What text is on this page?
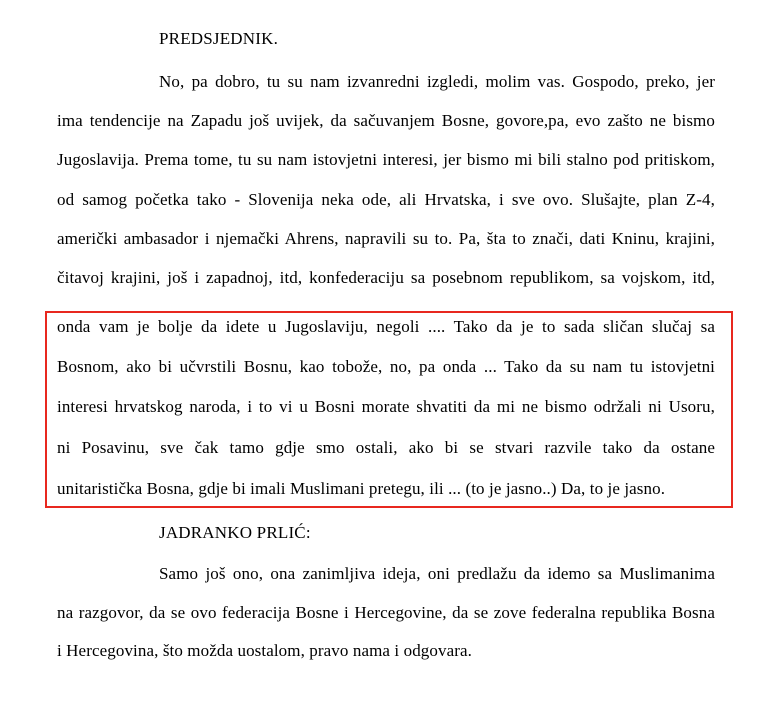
PREDSJEDNIK.
No, pa dobro, tu su nam izvanredni izgledi, molim vas. Gospodo, preko, jer
ima tendencije na Zapadu još uvijek, da sačuvanjem Bosne, govore,pa, evo zašto ne bismo
Jugoslavija. Prema tome, tu su nam istovjetni interesi, jer bismo mi bili stalno pod pritiskom,
od samog početka tako - Slovenija neka ode, ali Hrvatska, i sve ovo. Slušajte, plan Z-4,
američki ambasador i njemački Ahrens, napravili su to. Pa, šta to znači, dati Kninu, krajini,
čitavoj krajini, još i zapadnoj, itd, konfederaciju sa posebnom republikom, sa vojskom, itd,
onda vam je bolje da idete u Jugoslaviju, negoli .... Tako da je to sada sličan slučaj sa
Bosnom, ako bi učvrstili Bosnu, kao tobože, no, pa onda ... Tako da su nam tu istovjetni
interesi hrvatskog naroda, i to vi u Bosni morate shvatiti da mi ne bismo održali ni Usoru,
ni Posavinu, sve čak tamo gdje smo ostali, ako bi se stvari razvile tako da ostane
unitaristička Bosna, gdje bi imali Muslimani pretegu, ili ... (to je jasno..) Da, to je jasno.
JADRANKO PRLIĆ:
Samo još ono, ona zanimljiva ideja, oni predlažu da idemo sa Muslimanima
na razgovor, da se ovo federacija Bosne i Hercegovine, da se zove federalna republika Bosna
i Hercegovina, što možda uostalom, pravo nama i odgovara.
